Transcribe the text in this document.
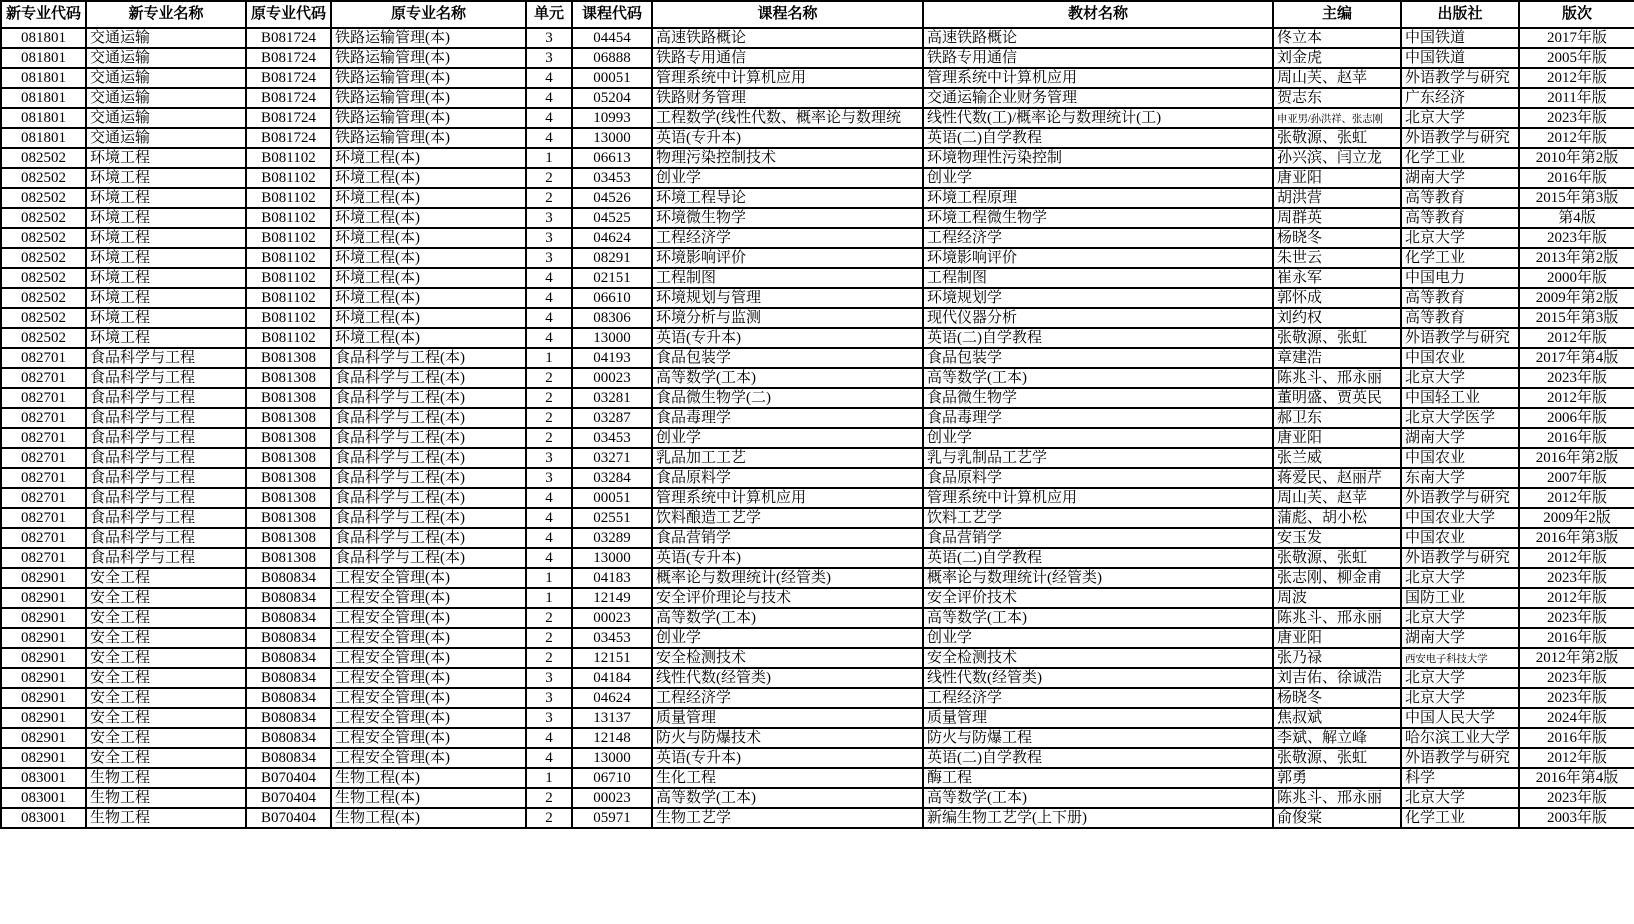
新专业代码	新专业名称	原专业代码	原专业名称	单元	课程代码	课程名称	教材名称	主编	出版社	版次
081801	交通运输	B081724	铁路运输管理(本)	3	04454	高速铁路概论	高速铁路概论	佟立本	中国铁道	2017年版
081801	交通运输	B081724	铁路运输管理(本)	3	06888	铁路专用通信	铁路专用通信	刘金虎	中国铁道	2005年版
081801	交通运输	B081724	铁路运输管理(本)	4	00051	管理系统中计算机应用	管理系统中计算机应用	周山芙、赵苹	外语教学与研究	2012年版
081801	交通运输	B081724	铁路运输管理(本)	4	05204	铁路财务管理	交通运输企业财务管理	贺志东	广东经济	2011年版
081801	交通运输	B081724	铁路运输管理(本)	4	10993	工程数学(线性代数、概率论与数理统	线性代数(工)/概率论与数理统计(工)	申亚男/孙洪祥、张志刚	北京大学	2023年版
081801	交通运输	B081724	铁路运输管理(本)	4	13000	英语(专升本)	英语(二)自学教程	张敬源、张虹	外语教学与研究	2012年版
082502	环境工程	B081102	环境工程(本)	1	06613	物理污染控制技术	环境物理性污染控制	孙兴滨、闫立龙	化学工业	2010年第2版
082502	环境工程	B081102	环境工程(本)	2	03453	创业学	创业学	唐亚阳	湖南大学	2016年版
082502	环境工程	B081102	环境工程(本)	2	04526	环境工程导论	环境工程原理	胡洪营	高等教育	2015年第3版
082502	环境工程	B081102	环境工程(本)	3	04525	环境微生物学	环境工程微生物学	周群英	高等教育	第4版
082502	环境工程	B081102	环境工程(本)	3	04624	工程经济学	工程经济学	杨晓冬	北京大学	2023年版
082502	环境工程	B081102	环境工程(本)	3	08291	环境影响评价	环境影响评价	朱世云	化学工业	2013年第2版
082502	环境工程	B081102	环境工程(本)	4	02151	工程制图	工程制图	崔永军	中国电力	2000年版
082502	环境工程	B081102	环境工程(本)	4	06610	环境规划与管理	环境规划学	郭怀成	高等教育	2009年第2版
082502	环境工程	B081102	环境工程(本)	4	08306	环境分析与监测	现代仪器分析	刘约权	高等教育	2015年第3版
082502	环境工程	B081102	环境工程(本)	4	13000	英语(专升本)	英语(二)自学教程	张敬源、张虹	外语教学与研究	2012年版
082701	食品科学与工程	B081308	食品科学与工程(本)	1	04193	食品包装学	食品包装学	章建浩	中国农业	2017年第4版
082701	食品科学与工程	B081308	食品科学与工程(本)	2	00023	高等数学(工本)	高等数学(工本)	陈兆斗、邢永丽	北京大学	2023年版
082701	食品科学与工程	B081308	食品科学与工程(本)	2	03281	食品微生物学(二)	食品微生物学	董明盛、贾英民	中国轻工业	2012年版
082701	食品科学与工程	B081308	食品科学与工程(本)	2	03287	食品毒理学	食品毒理学	郝卫东	北京大学医学	2006年版
082701	食品科学与工程	B081308	食品科学与工程(本)	2	03453	创业学	创业学	唐亚阳	湖南大学	2016年版
082701	食品科学与工程	B081308	食品科学与工程(本)	3	03271	乳品加工工艺	乳与乳制品工艺学	张兰威	中国农业	2016年第2版
082701	食品科学与工程	B081308	食品科学与工程(本)	3	03284	食品原料学	食品原料学	蒋爱民、赵丽芹	东南大学	2007年版
082701	食品科学与工程	B081308	食品科学与工程(本)	4	00051	管理系统中计算机应用	管理系统中计算机应用	周山芙、赵苹	外语教学与研究	2012年版
082701	食品科学与工程	B081308	食品科学与工程(本)	4	02551	饮料酿造工艺学	饮料工艺学	蒲彪、胡小松	中国农业大学	2009年2版
082701	食品科学与工程	B081308	食品科学与工程(本)	4	03289	食品营销学	食品营销学	安玉发	中国农业	2016年第3版
082701	食品科学与工程	B081308	食品科学与工程(本)	4	13000	英语(专升本)	英语(二)自学教程	张敬源、张虹	外语教学与研究	2012年版
082901	安全工程	B080834	工程安全管理(本)	1	04183	概率论与数理统计(经管类)	概率论与数理统计(经管类)	张志刚、柳金甫	北京大学	2023年版
082901	安全工程	B080834	工程安全管理(本)	1	12149	安全评价理论与技术	安全评价技术	周波	国防工业	2012年版
082901	安全工程	B080834	工程安全管理(本)	2	00023	高等数学(工本)	高等数学(工本)	陈兆斗、邢永丽	北京大学	2023年版
082901	安全工程	B080834	工程安全管理(本)	2	03453	创业学	创业学	唐亚阳	湖南大学	2016年版
082901	安全工程	B080834	工程安全管理(本)	2	12151	安全检测技术	安全检测技术	张乃禄	西安电子科技大学	2012年第2版
082901	安全工程	B080834	工程安全管理(本)	3	04184	线性代数(经管类)	线性代数(经管类)	刘吉佑、徐诚浩	北京大学	2023年版
082901	安全工程	B080834	工程安全管理(本)	3	04624	工程经济学	工程经济学	杨晓冬	北京大学	2023年版
082901	安全工程	B080834	工程安全管理(本)	3	13137	质量管理	质量管理	焦叔斌	中国人民大学	2024年版
082901	安全工程	B080834	工程安全管理(本)	4	12148	防火与防爆技术	防火与防爆工程	李斌、解立峰	哈尔滨工业大学	2016年版
082901	安全工程	B080834	工程安全管理(本)	4	13000	英语(专升本)	英语(二)自学教程	张敬源、张虹	外语教学与研究	2012年版
083001	生物工程	B070404	生物工程(本)	1	06710	生化工程	酶工程	郭勇	科学	2016年第4版
083001	生物工程	B070404	生物工程(本)	2	00023	高等数学(工本)	高等数学(工本)	陈兆斗、邢永丽	北京大学	2023年版
083001	生物工程	B070404	生物工程(本)	2	05971	生物工艺学	新编生物工艺学(上下册)	俞俊棠	化学工业	2003年版
